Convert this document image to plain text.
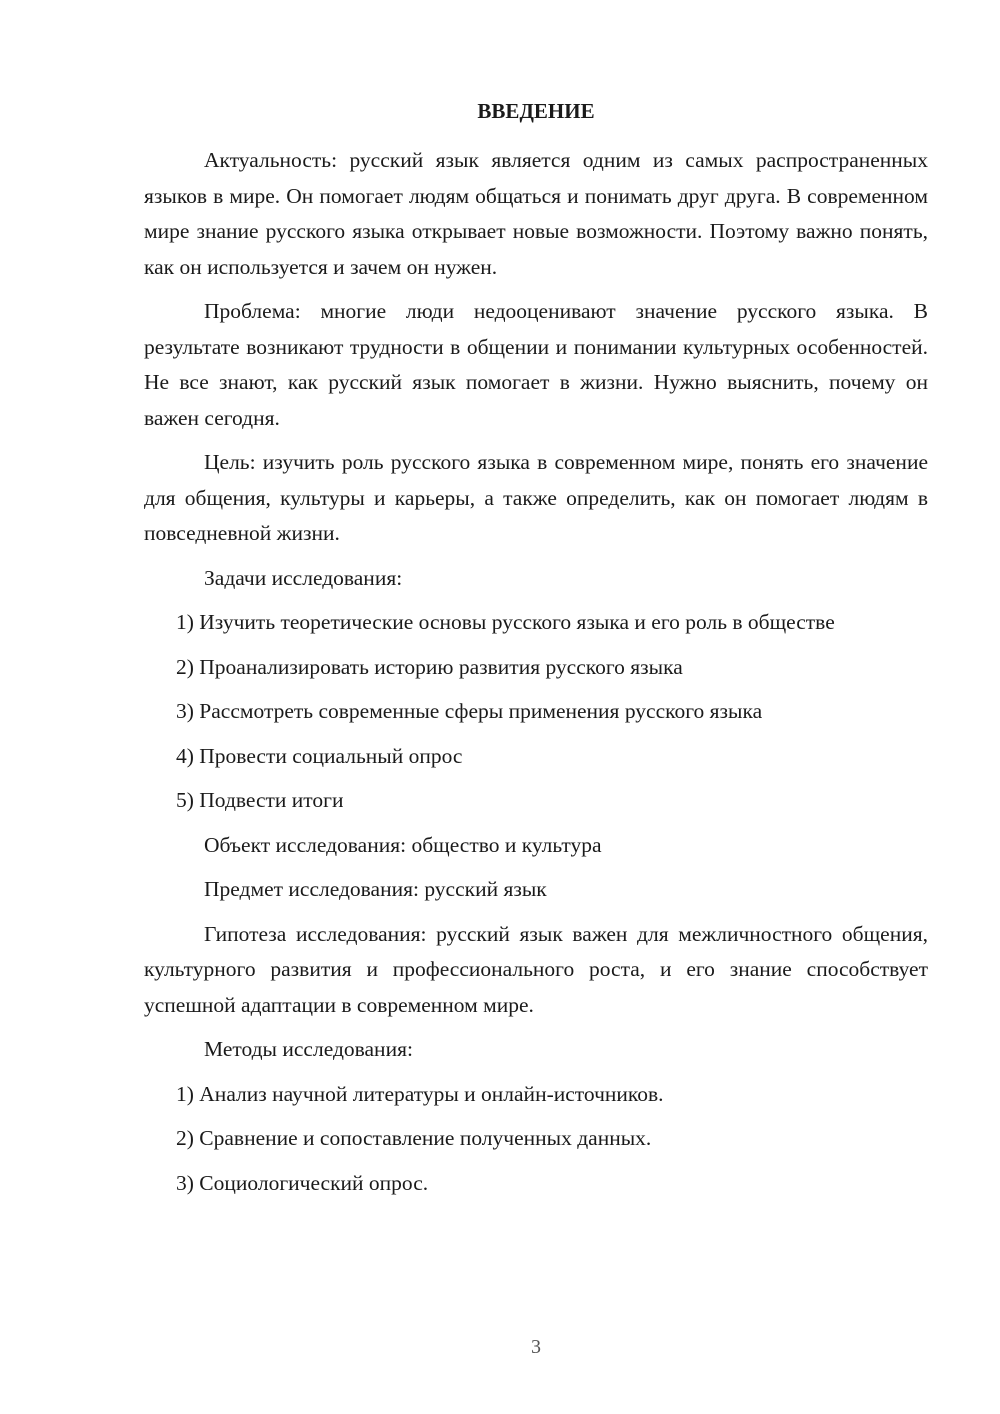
ВВЕДЕНИЕ

Актуальность: русский язык является одним из самых распространенных языков в мире. Он помогает людям общаться и понимать друг друга. В современном мире знание русского языка открывает новые возможности. Поэтому важно понять, как он используется и зачем он нужен.

Проблема: многие люди недооценивают значение русского языка. В результате возникают трудности в общении и понимании культурных особенностей. Не все знают, как русский язык помогает в жизни. Нужно выяснить, почему он важен сегодня.

Цель: изучить роль русского языка в современном мире, понять его значение для общения, культуры и карьеры, а также определить, как он помогает людям в повседневной жизни.

Задачи исследования:

1) Изучить теоретические основы русского языка и его роль в обществе

2) Проанализировать историю развития русского языка

3) Рассмотреть современные сферы применения русского языка

4) Провести социальный опрос

5) Подвести итоги

Объект исследования: общество и культура

Предмет исследования: русский язык

Гипотеза исследования: русский язык важен для межличностного общения, культурного развития и профессионального роста, и его знание способствует успешной адаптации в современном мире.

Методы исследования:

1) Анализ научной литературы и онлайн-источников.

2) Сравнение и сопоставление полученных данных.

3) Социологический опрос.

3
